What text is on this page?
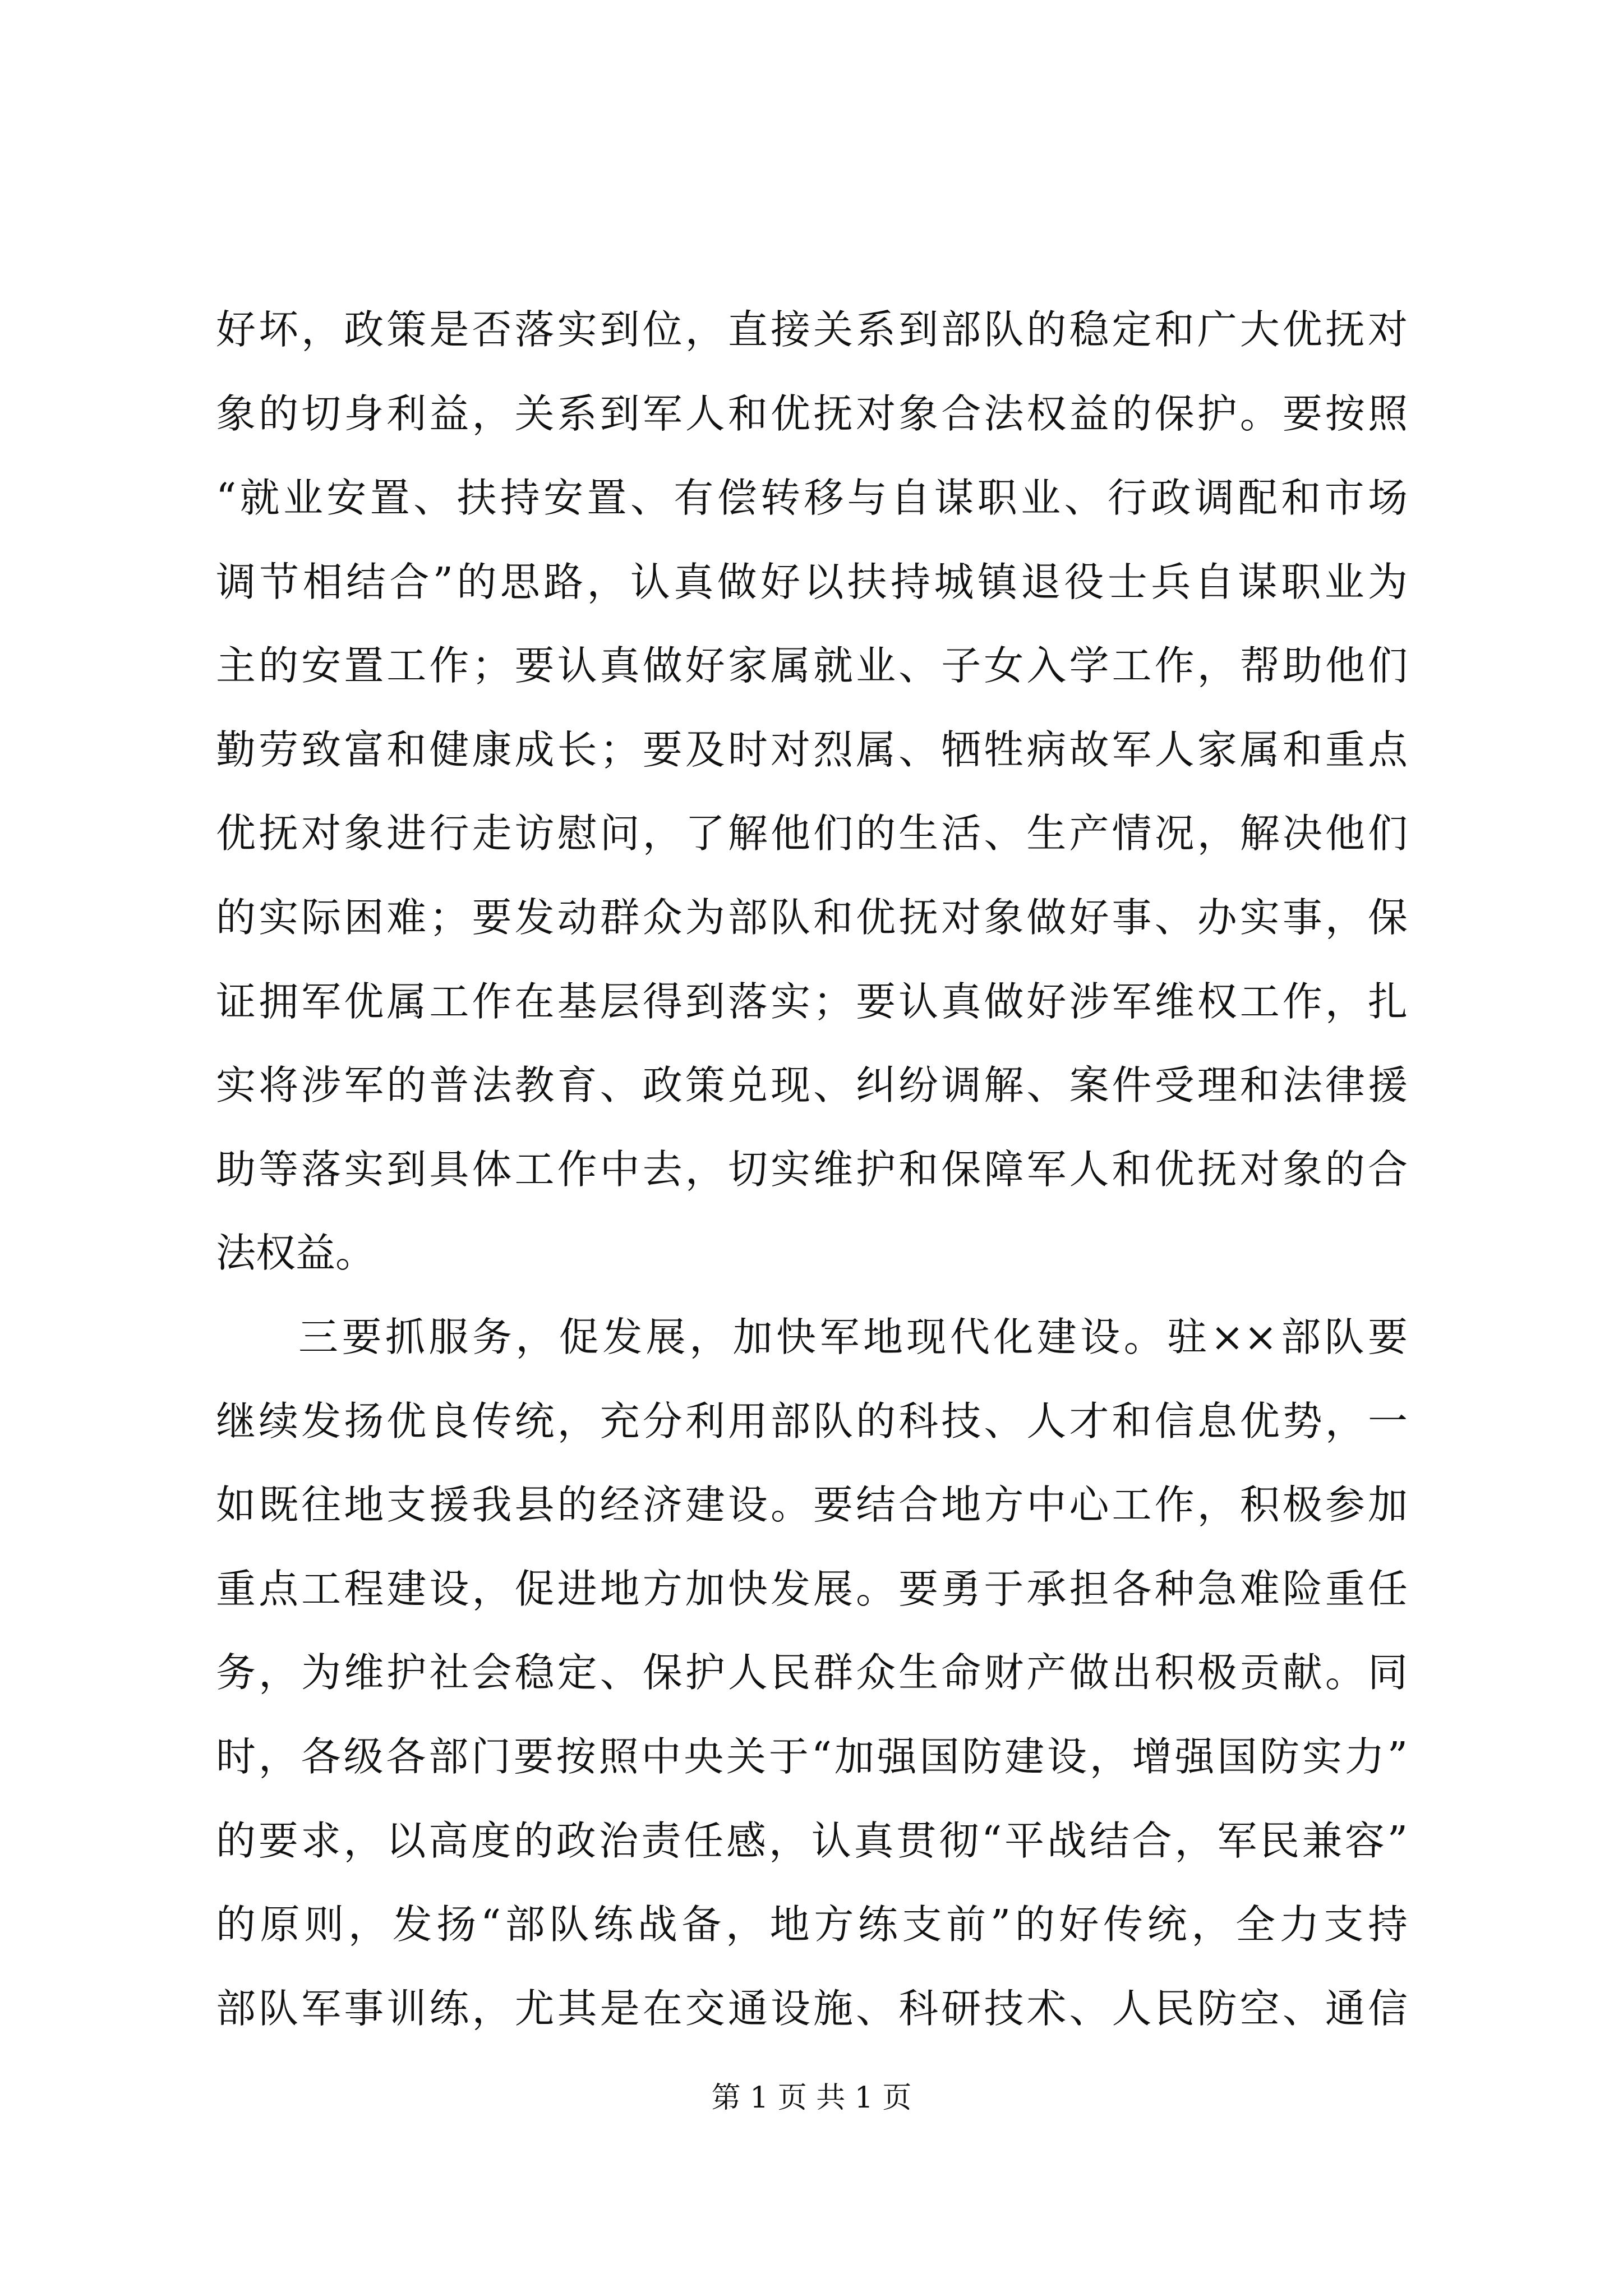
好坏，政策是否落实到位，直接关系到部队的稳定和广大优抚对
象的切身利益，关系到军人和优抚对象合法权益的保护。要按照
“就业安置、扶持安置、有偿转移与自谋职业、行政调配和市场
调节相结合”的思路，认真做好以扶持城镇退役士兵自谋职业为
主的安置工作；要认真做好家属就业、子女入学工作，帮助他们
勤劳致富和健康成长；要及时对烈属、牺牲病故军人家属和重点
优抚对象进行走访慰问，了解他们的生活、生产情况，解决他们
的实际困难；要发动群众为部队和优抚对象做好事、办实事，保
证拥军优属工作在基层得到落实；要认真做好涉军维权工作，扎
实将涉军的普法教育、政策兑现、纠纷调解、案件受理和法律援
助等落实到具体工作中去，切实维护和保障军人和优抚对象的合
法权益。
三要抓服务，促发展，加快军地现代化建设。驻××部队要
继续发扬优良传统，充分利用部队的科技、人才和信息优势，一
如既往地支援我县的经济建设。要结合地方中心工作，积极参加
重点工程建设，促进地方加快发展。要勇于承担各种急难险重任
务，为维护社会稳定、保护人民群众生命财产做出积极贡献。同
时，各级各部门要按照中央关于“加强国防建设，增强国防实力”
的要求，以高度的政治责任感，认真贯彻“平战结合，军民兼容”
的原则，发扬“部队练战备，地方练支前”的好传统，全力支持
部队军事训练，尤其是在交通设施、科研技术、人民防空、通信
第 1 页 共 1 页
